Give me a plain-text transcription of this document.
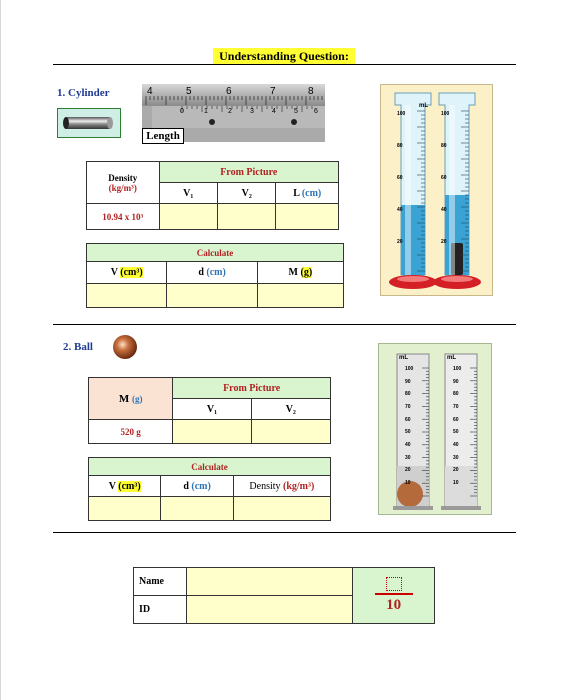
Understanding Question:
1. Cylinder	4	5	6	7	8
0	1	2	3	4	5 6
Length
Density
(kg/m³)	From Picture		
	V₁	V₂	L (cm)
10.94 x 10³			
Calculate		
V (cm³)	d (cm)	M (g)

mL
100
80
60
40
20
100
80
60
40
20
2. Ball
M (g)	From Picture	
	V₁	V₂
520 g		
Calculate		
V (cm³)	d (cm)	Density (kg/m³)

mL	mL
100
90
80
70
60
50
40
30
20
10
100
90
80
70
60
50
40
30
20
10
Name		10

ID		
